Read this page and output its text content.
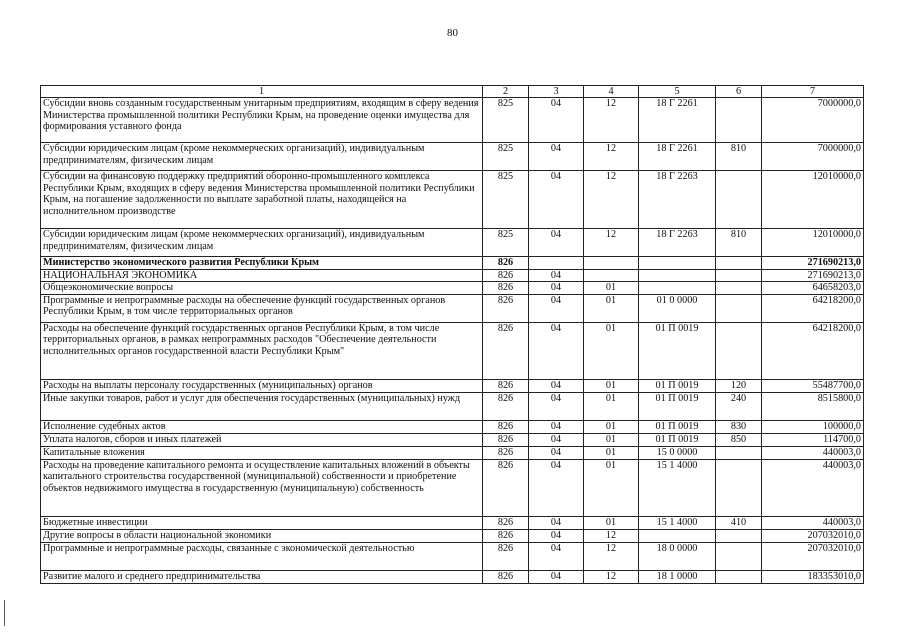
80
1	2	3	4	5	6	7
Субсидии вновь созданным государственным унитарным предприятиям, входящим в сферу ведения Министерства промышленной политики Республики Крым, на проведение оценки имущества для формирования уставного фонда	825	04	12	18 Г 2261		7000000,0
Субсидии юридическим лицам (кроме некоммерческих организаций), индивидуальным предпринимателям, физическим лицам	825	04	12	18 Г 2261	810	7000000,0
Субсидии на финансовую поддержку предприятий оборонно-промышленного комплекса Республики Крым, входящих в сферу ведения Министерства промышленной политики Республики Крым, на погашение задолженности по выплате заработной платы, находящейся на исполнительном производстве	825	04	12	18 Г 2263		12010000,0
Субсидии юридическим лицам (кроме некоммерческих организаций), индивидуальным предпринимателям, физическим лицам	825	04	12	18 Г 2263	810	12010000,0
Министерство экономического развития Республики Крым	826					271690213,0
НАЦИОНАЛЬНАЯ ЭКОНОМИКА	826	04				271690213,0
Общеэкономические вопросы	826	04	01			64658203,0
Программные и непрограммные расходы на обеспечение функций государственных органов Республики Крым, в том числе территориальных органов	826	04	01	01 0 0000		64218200,0
Расходы на обеспечение функций государственных органов Республики Крым, в том числе территориальных органов, в рамках непрограммных расходов "Обеспечение деятельности исполнительных органов государственной власти Республики Крым"	826	04	01	01 П 0019		64218200,0
Расходы на выплаты персоналу государственных (муниципальных) органов	826	04	01	01 П 0019	120	55487700,0
Иные закупки товаров, работ и услуг для обеспечения государственных (муниципальных) нужд	826	04	01	01 П 0019	240	8515800,0
Исполнение судебных актов	826	04	01	01 П 0019	830	100000,0
Уплата налогов, сборов и иных платежей	826	04	01	01 П 0019	850	114700,0
Капитальные вложения	826	04	01	15 0 0000		440003,0
Расходы на проведение капитального ремонта и осуществление капитальных вложений в объекты капитального строительства государственной (муниципальной) собственности и приобретение объектов недвижимого имущества в государственную (муниципальную) собственность	826	04	01	15 1 4000		440003,0
Бюджетные инвестиции	826	04	01	15 1 4000	410	440003,0
Другие вопросы в области национальной экономики	826	04	12			207032010,0
Программные и непрограммные расходы, связанные с экономической деятельностью	826	04	12	18 0 0000		207032010,0
Развитие малого и среднего предпринимательства	826	04	12	18 1 0000		183353010,0
